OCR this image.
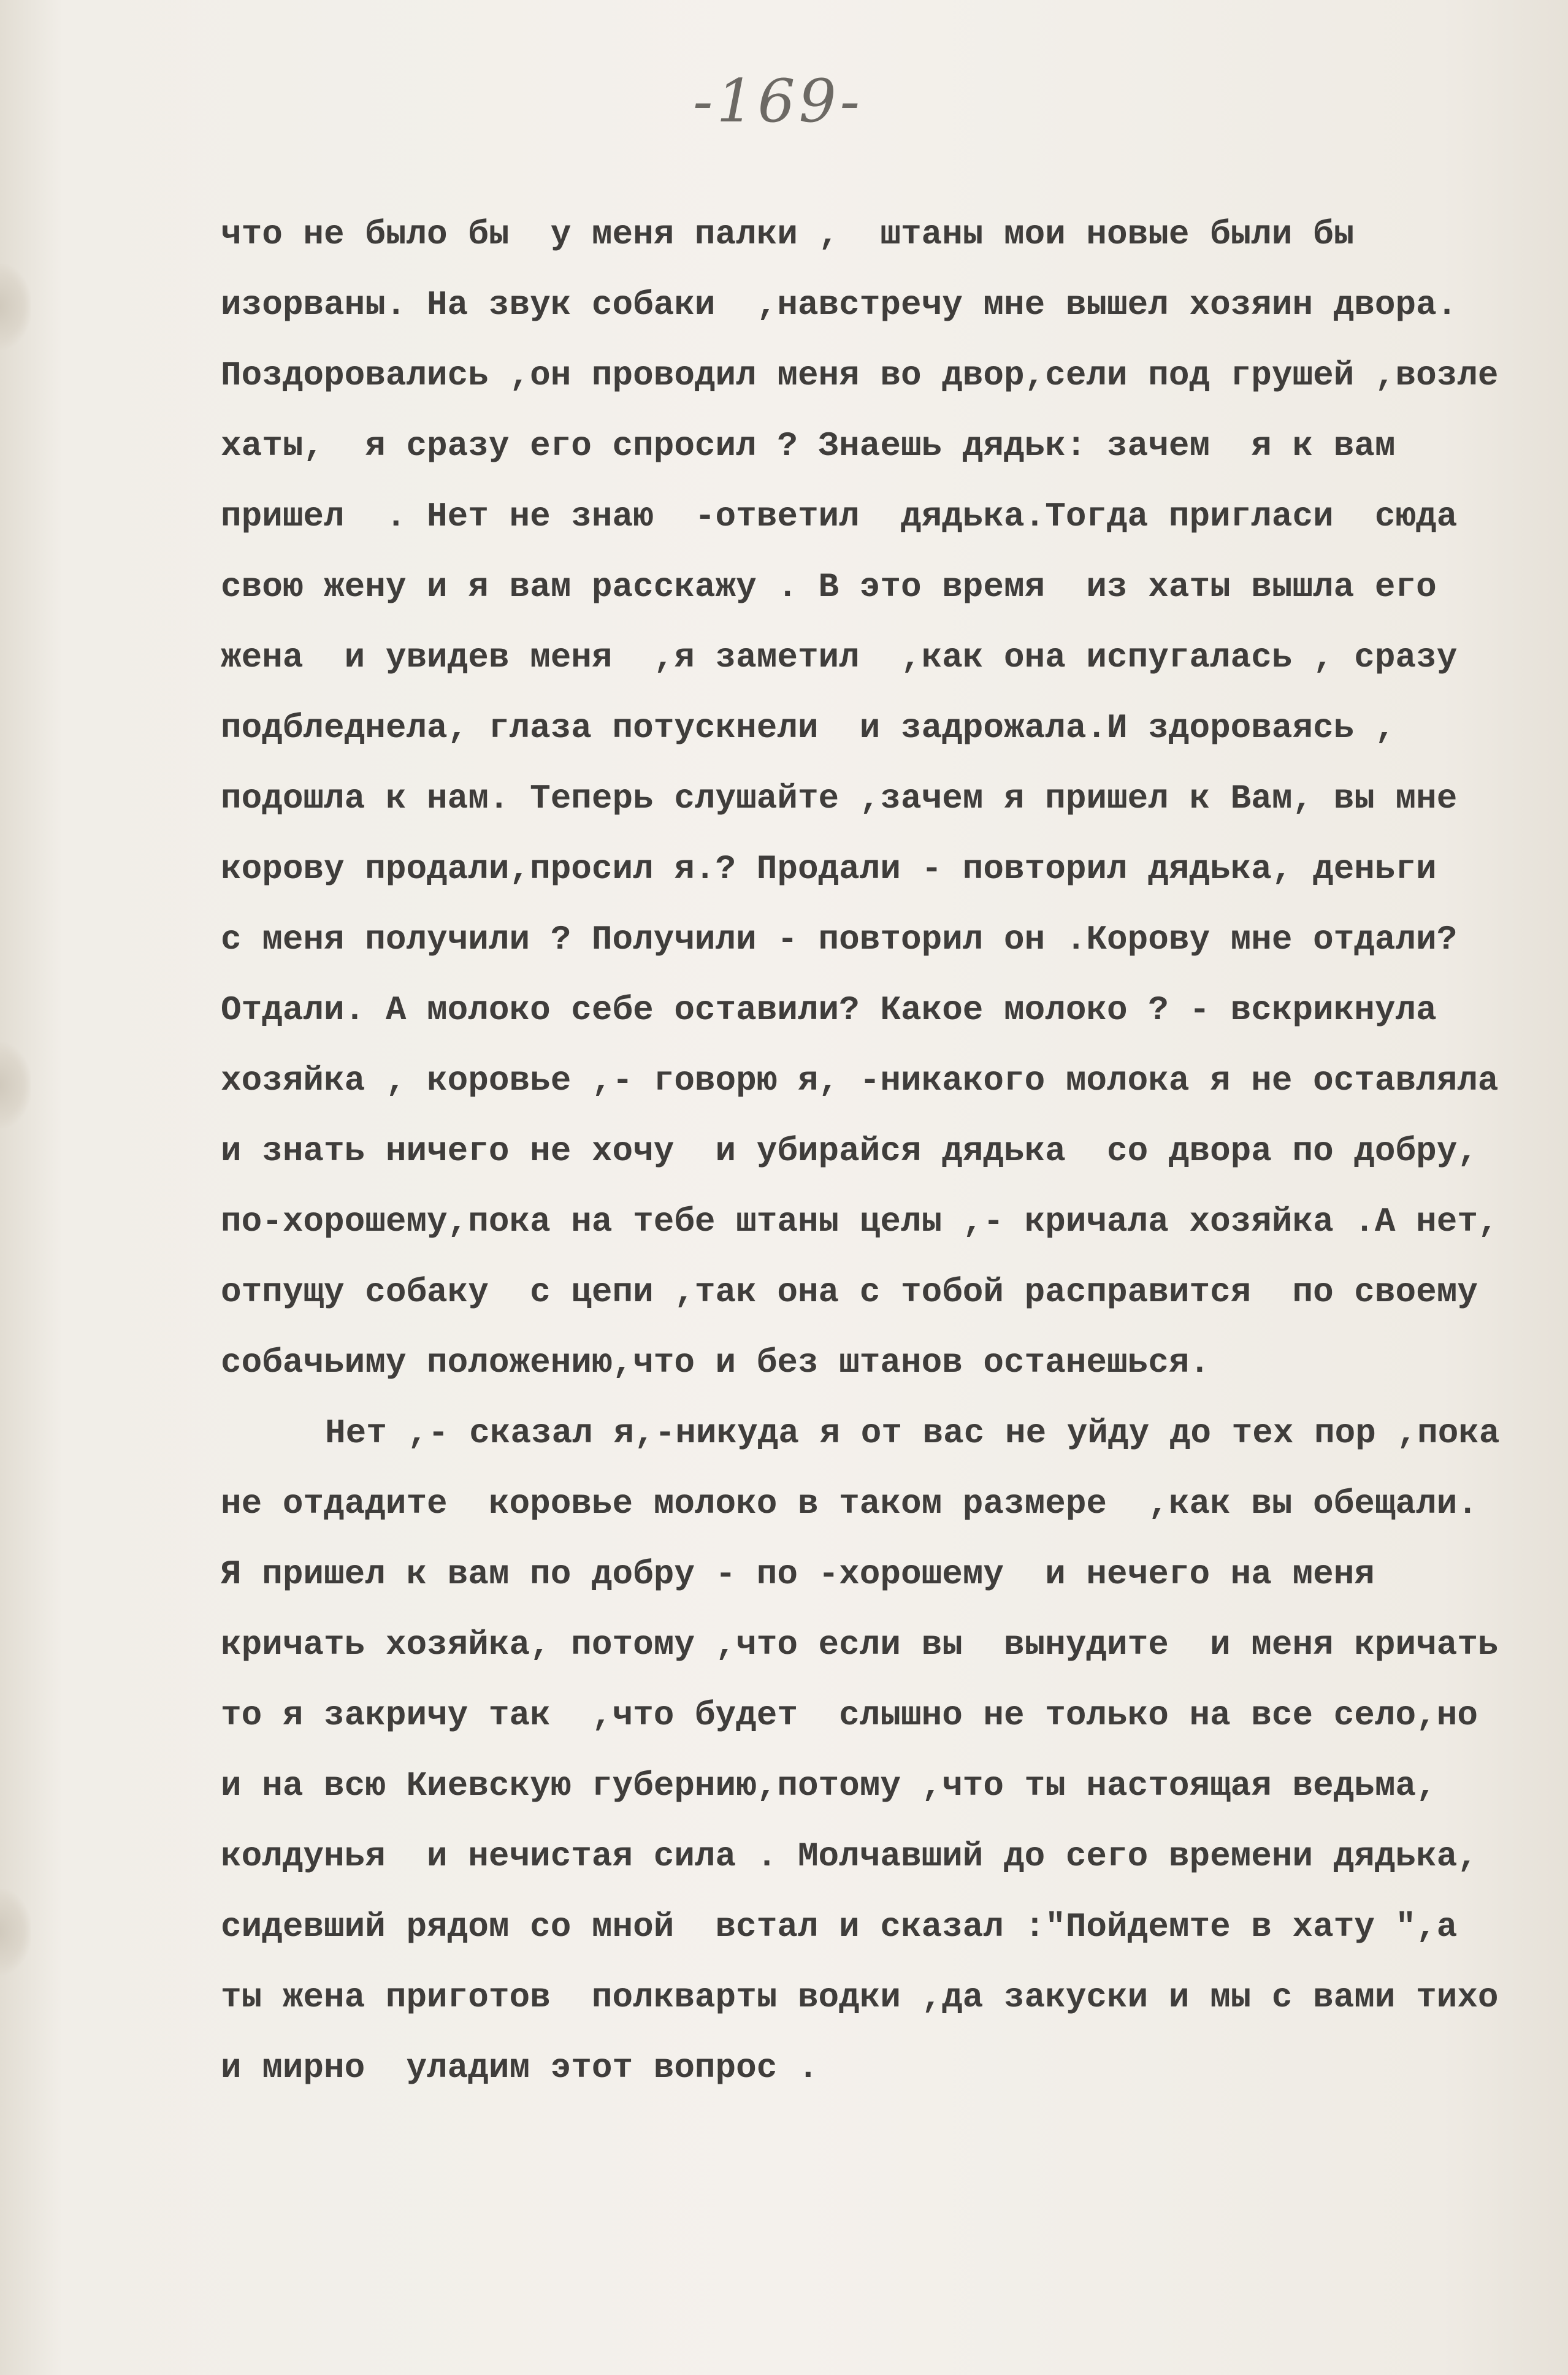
-169-
что не было бы  у меня палки ,  штаны мои новые были бы
изорваны. На звук собаки  ,навстречу мне вышел хозяин двора.
Поздоровались ,он проводил меня во двор,сели под грушей ,возле
хаты,  я сразу его спросил ? Знаешь дядьк: зачем  я к вам
пришел  . Нет не знаю  -ответил  дядька.Тогда пригласи  сюда
свою жену и я вам расскажу . В это время  из хаты вышла его
жена  и увидев меня  ,я заметил  ,как она испугалась , сразу
подбледнела, глаза потускнели  и задрожала.И здороваясь ,
подошла к нам. Теперь слушайте ,зачем я пришел к Вам, вы мне
корову продали,просил я.? Продали - повторил дядька, деньги
с меня получили ? Получили - повторил он .Корову мне отдали?
Отдали. А молоко себе оставили? Какое молоко ? - вскрикнула
хозяйка , коровье ,- говорю я, -никакого молока я не оставляла
и знать ничего не хочу  и убирайся дядька  со двора по добру,
по-хорошему,пока на тебе штаны целы ,- кричала хозяйка .А нет,
отпущу собаку  с цепи ,так она с тобой расправится  по своему
собачьиму положению,что и без штанов останешься.
Нет ,- сказал я,-никуда я от вас не уйду до тех пор ,пока
не отдадите  коровье молоко в таком размере  ,как вы обещали.
Я пришел к вам по добру - по -хорошему  и нечего на меня
кричать хозяйка, потому ,что если вы  вынудите  и меня кричать
то я закричу так  ,что будет  слышно не только на все село,но
и на всю Киевскую губернию,потому ,что ты настоящая ведьма,
колдунья  и нечистая сила . Молчавший до сего времени дядька,
сидевший рядом со мной  встал и сказал :"Пойдемте в хату ",а
ты жена приготов  полкварты водки ,да закуски и мы с вами тихо
и мирно  уладим этот вопрос .
